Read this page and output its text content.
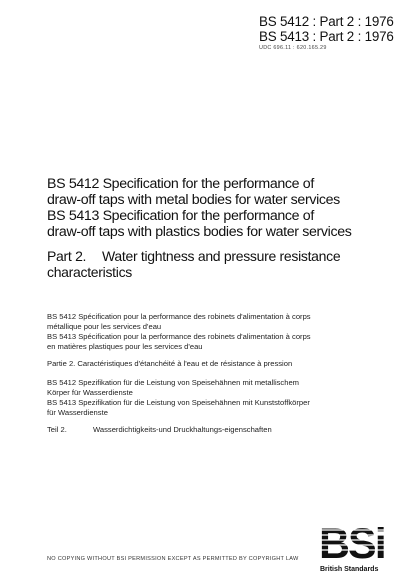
BS 5412 : Part 2 : 1976
BS 5413 : Part 2 : 1976
UDC 696.11 : 620.165.29
BS 5412 Specification for the performance of
draw-off taps with metal bodies for water services
BS 5413 Specification for the performance of
draw-off taps with plastics bodies for water services
Part 2.	Water tightness and pressure resistance
characteristics
BS 5412 Spécification pour la performance des robinets d'alimentation à corps
métallique pour les services d'eau
BS 5413 Spécification pour la performance des robinets d'alimentation à corps
en matières plastiques pour les services d'eau
Partie 2. Caractéristiques d'étanchéité à l'eau et de résistance à pression
BS 5412 Spezifikation für die Leistung von Speisehähnen mit metallischem
Körper für Wasserdienste
BS 5413 Spezifikation für die Leistung von Speisehähnen mit Kunststoffkörper
für Wasserdienste
Teil 2.	Wasserdichtigkeits-und Druckhaltungs-eigenschaften
NO COPYING WITHOUT BSI PERMISSION EXCEPT AS PERMITTED BY COPYRIGHT LAW BSi
British Standards
